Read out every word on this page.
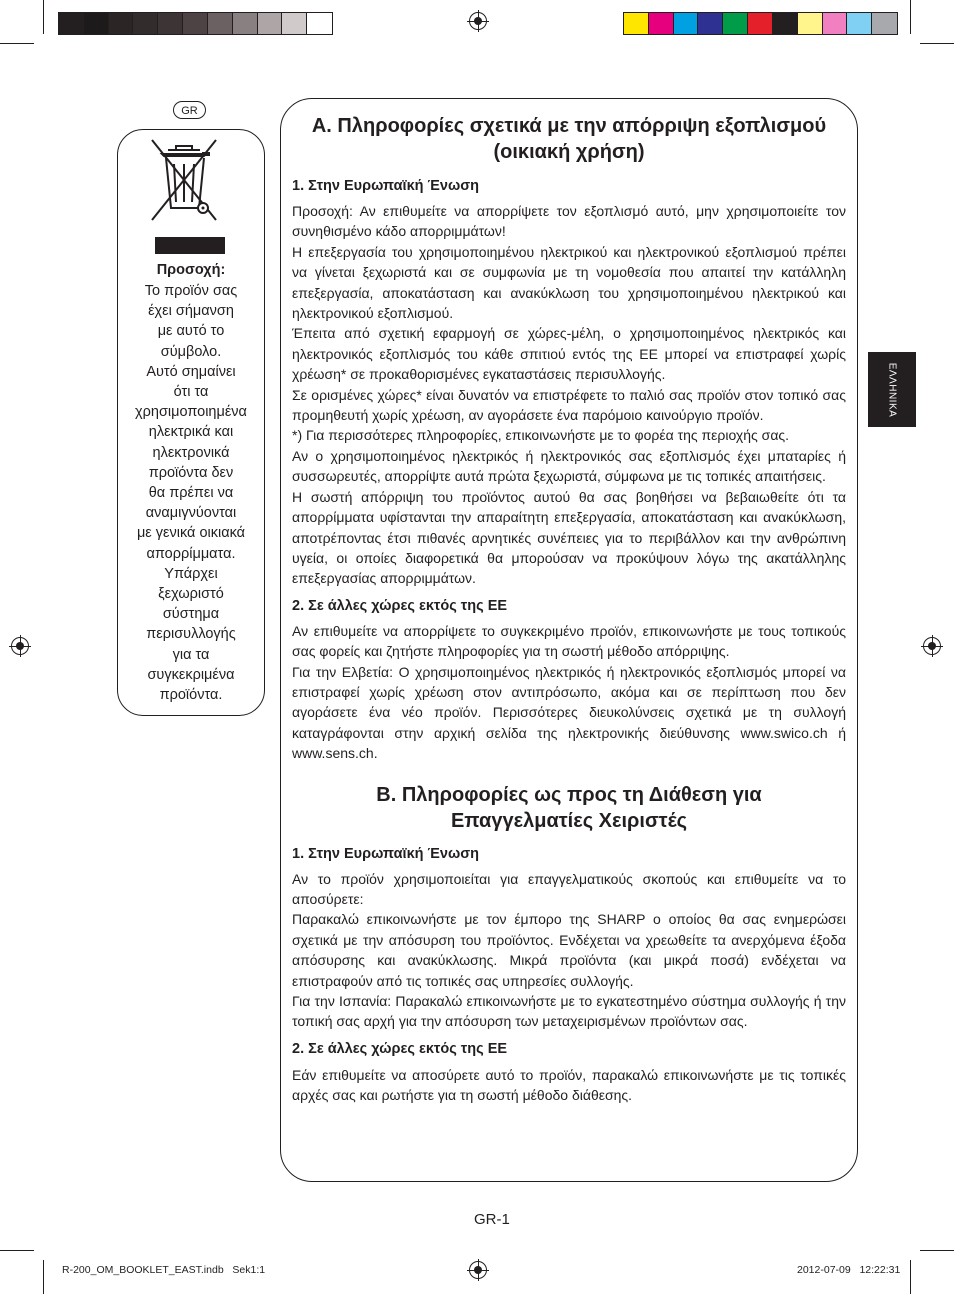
GR
Προσοχή:
Το προϊόν σας
έχει σήμανση
με αυτό το
σύμβολο.
Αυτό σημαίνει
ότι τα
χρησιμοποιημένα
ηλεκτρικά και
ηλεκτρονικά
προϊόντα δεν
θα πρέπει να
αναμιγνύονται
με γενικά οικιακά
απορρίμματα.
Υπάρχει
ξεχωριστό
σύστημα
περισυλλογής
για τα
συγκεκριμένα
προϊόντα.
A. Πληροφορίες σχετικά με την απόρριψη εξοπλισμού (οικιακή χρήση)
1. Στην Ευρωπαϊκή Ένωση

Προσοχή: Αν επιθυμείτε να απορρίψετε τον εξοπλισμό αυτό, μην χρησιμοποιείτε τον συνηθισμένο κάδο απορριμμάτων!

Η επεξεργασία του χρησιμοποιημένου ηλεκτρικού και ηλεκτρονικού εξοπλισμού πρέπει να γίνεται ξεχωριστά και σε συμφωνία με τη νομοθεσία που απαιτεί την κατάλληλη επεξεργασία, αποκατάσταση και ανακύκλωση του χρησιμοποιημένου ηλεκτρικού και ηλεκτρονικού εξοπλισμού.

Έπειτα από σχετική εφαρμογή σε χώρες-μέλη, ο χρησιμοποιημένος ηλεκτρικός και ηλεκτρονικός εξοπλισμός του κάθε σπιτιού εντός της ΕΕ μπορεί να επιστραφεί χωρίς χρέωση* σε προκαθορισμένες εγκαταστάσεις περισυλλογής.

Σε ορισμένες χώρες* είναι δυνατόν να επιστρέφετε το παλιό σας προϊόν στον τοπικό σας προμηθευτή χωρίς χρέωση, αν αγοράσετε ένα παρόμοιο καινούργιο προϊόν.

*) Για περισσότερες πληροφορίες, επικοινωνήστε με το φορέα της περιοχής σας.

Αν ο χρησιμοποιημένος ηλεκτρικός ή ηλεκτρονικός σας εξοπλισμός έχει μπαταρίες ή συσσωρευτές, απορρίψτε αυτά πρώτα ξεχωριστά, σύμφωνα με τις τοπικές απαιτήσεις.

Η σωστή απόρριψη του προϊόντος αυτού θα σας βοηθήσει να βεβαιωθείτε ότι τα απορρίμματα υφίστανται την απαραίτητη επεξεργασία, αποκατάσταση και ανακύκλωση, αποτρέποντας έτσι πιθανές αρνητικές συνέπειες για το περιβάλλον και την ανθρώπινη υγεία, οι οποίες διαφορετικά θα μπορούσαν να προκύψουν λόγω της ακατάλληλης επεξεργασίας απορριμμάτων.

2. Σε άλλες χώρες εκτός της ΕΕ

Αν επιθυμείτε να απορρίψετε το συγκεκριμένο προϊόν, επικοινωνήστε με τους τοπικούς σας φορείς και ζητήστε πληροφορίες για τη σωστή μέθοδο απόρριψης.

Για την Ελβετία: Ο χρησιμοποιημένος ηλεκτρικός ή ηλεκτρονικός εξοπλισμός μπορεί να επιστραφεί χωρίς χρέωση στον αντιπρόσωπο, ακόμα και σε περίπτωση που δεν αγοράσετε ένα νέο προϊόν. Περισσότερες διευκολύνσεις σχετικά με τη συλλογή καταγράφονται στην αρχική σελίδα της ηλεκτρονικής διεύθυνσης www.swico.ch ή www.sens.ch.

B. Πληροφορίες ως προς τη Διάθεση για Επαγγελματίες Χειριστές
1. Στην Ευρωπαϊκή Ένωση

Αν το προϊόν χρησιμοποιείται για επαγγελματικούς σκοπούς και επιθυμείτε να το αποσύρετε:

Παρακαλώ επικοινωνήστε με τον έμπορο της SHARP ο οποίος θα σας ενημερώσει σχετικά με την απόσυρση του προϊόντος. Ενδέχεται να χρεωθείτε τα ανερχόμενα έξοδα απόσυρσης και ανακύκλωσης. Μικρά προϊόντα (και μικρά ποσά) ενδέχεται να επιστραφούν από τις τοπικές σας υπηρεσίες συλλογής.

Για την Ισπανία: Παρακαλώ επικοινωνήστε με το εγκατεστημένο σύστημα συλλογής ή την τοπική σας αρχή για την απόσυρση των μεταχειρισμένων προϊόντων σας.

2. Σε άλλες χώρες εκτός της ΕΕ

Εάν επιθυμείτε να αποσύρετε αυτό το προϊόν, παρακαλώ επικοινωνήστε με τις τοπικές αρχές σας και ρωτήστε για τη σωστή μέθοδο διάθεσης.

ΕΛΛΗΝΙΚΑ
GR-1
R-200_OM_BOOKLET_EAST.indb   Sek1:1	2012-07-09   12:22:31
